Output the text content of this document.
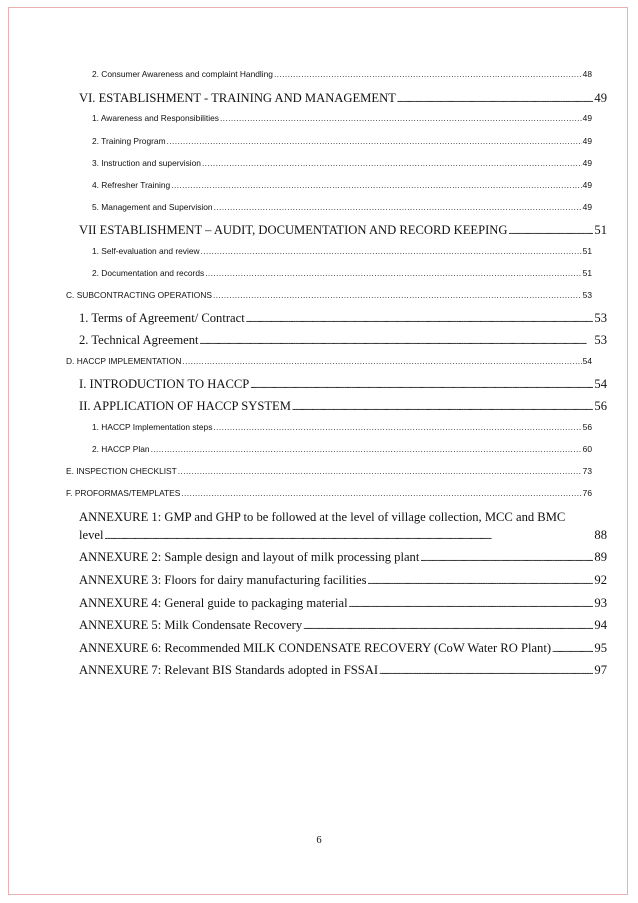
2. Consumer Awareness and complaint Handling .....	48
VI. ESTABLISHMENT - TRAINING AND MANAGEMENT .....	49
1. Awareness and Responsibilities .....	49
2. Training Program .....	49
3. Instruction and supervision .....	49
4. Refresher Training .....	49
5. Management and Supervision .....	49
VII ESTABLISHMENT – AUDIT, DOCUMENTATION AND RECORD KEEPING .....	51
1. Self-evaluation and review .....	51
2. Documentation and records .....	51
C. SUBCONTRACTING OPERATIONS .....	53
1. Terms of Agreement/ Contract .....	53
2. Technical Agreement .....	53
D. HACCP IMPLEMENTATION .....	54
I. INTRODUCTION TO HACCP .....	54
II. APPLICATION OF HACCP SYSTEM .....	56
1. HACCP Implementation steps .....	56
2. HACCP Plan .....	60
E. INSPECTION CHECKLIST .....	73
F. PROFORMAS/TEMPLATES .....	76
ANNEXURE 1: GMP and GHP to be followed at the level of village collection, MCC and BMC
level .....	88
ANNEXURE 2: Sample design and layout of milk processing plant .....	89
ANNEXURE 3: Floors for dairy manufacturing facilities .....	92
ANNEXURE 4: General guide to packaging material .....	93
ANNEXURE 5: Milk Condensate Recovery .....	94
ANNEXURE 6: Recommended MILK CONDENSATE RECOVERY (CoW Water RO Plant) .....	95
ANNEXURE 7: Relevant BIS Standards adopted in FSSAI .....	97
6
